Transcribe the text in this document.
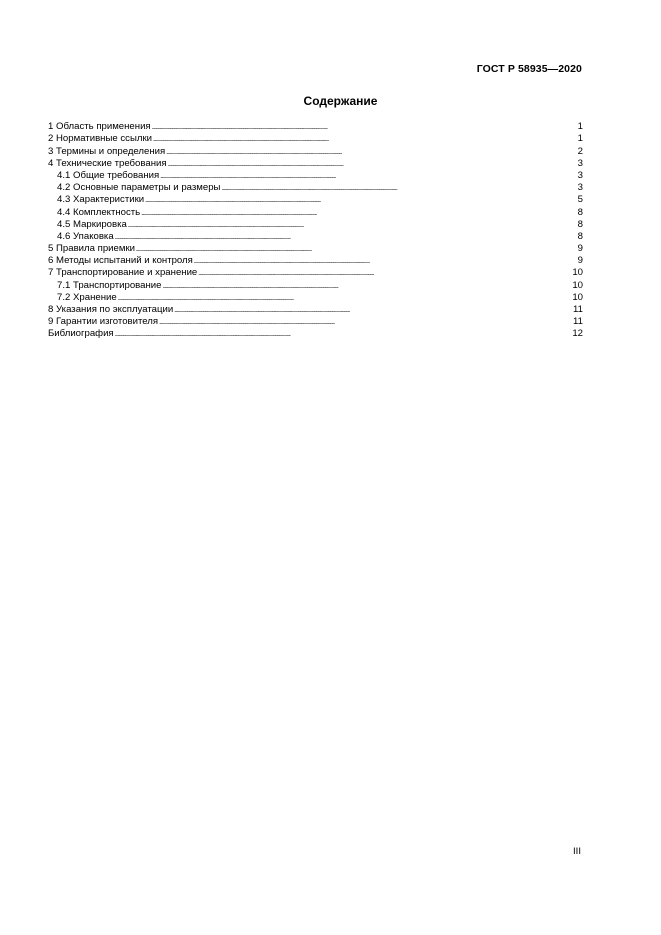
ГОСТ Р 58935—2020
Содержание
1 Область применения . . .	1
2 Нормативные ссылки . . .	1
3 Термины и определения . . .	2
4 Технические требования . . .	3
4.1 Общие требования . . .	3
4.2 Основные параметры и размеры . . .	3
4.3 Характеристики . . .	5
4.4 Комплектность . . .	8
4.5 Маркировка . . .	8
4.6 Упаковка . . .	8
5 Правила приемки . . .	9
6 Методы испытаний и контроля . . .	9
7 Транспортирование и хранение . . .	10
7.1 Транспортирование . . .	10
7.2 Хранение . . .	10
8 Указания по эксплуатации . . .	11
9 Гарантии изготовителя . . .	11
Библиография . . .	12
III
